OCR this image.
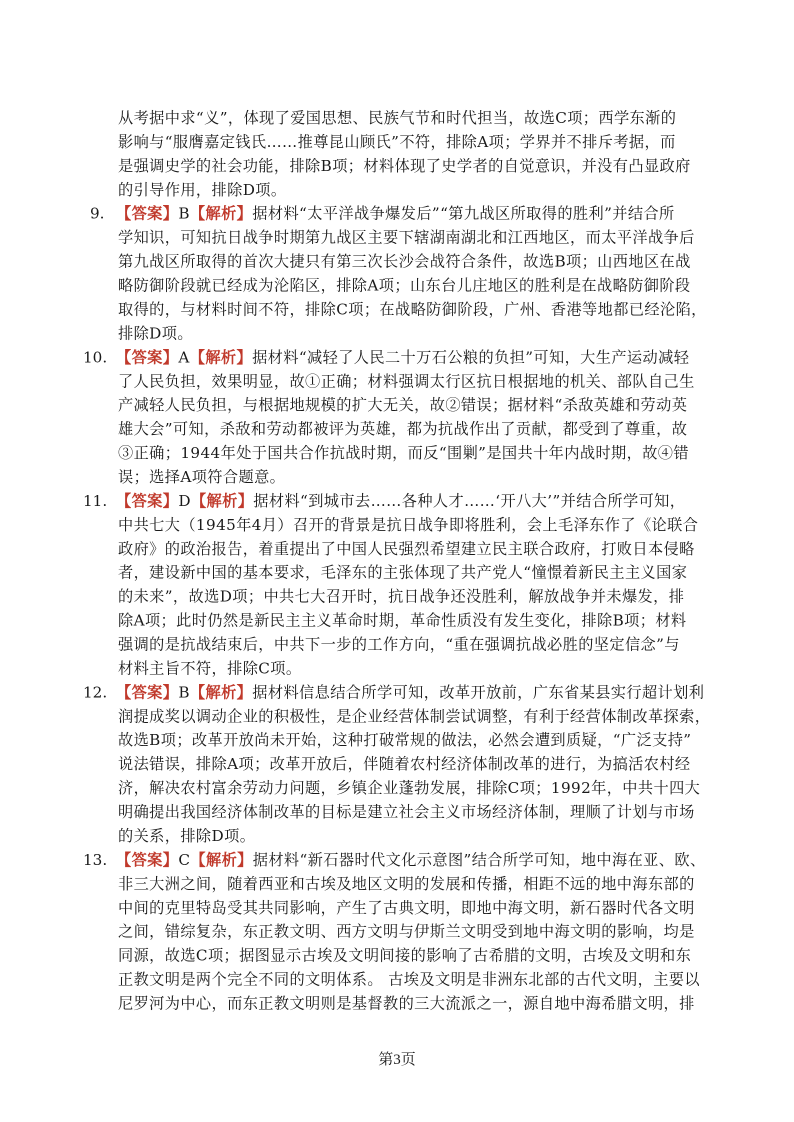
从考据中求“义”，体现了爱国思想、民族气节和时代担当，故选C项；西学东渐的
影响与“服膺嘉定钱氏……推尊昆山顾氏”不符，排除A项；学界并不排斥考据，而
是强调史学的社会功能，排除B项；材料体现了史学者的自觉意识，并没有凸显政府
的引导作用，排除D项。
9. 【答案】B【解析】据材料“太平洋战争爆发后”“第九战区所取得的胜利”并结合所
学知识，可知抗日战争时期第九战区主要下辖湖南湖北和江西地区，而太平洋战争后
第九战区所取得的首次大捷只有第三次长沙会战符合条件，故选B项；山西地区在战
略防御阶段就已经成为沦陷区，排除A项；山东台儿庄地区的胜利是在战略防御阶段
取得的，与材料时间不符，排除C项；在战略防御阶段，广州、香港等地都已经沦陷，
排除D项。
10. 【答案】A【解析】据材料“减轻了人民二十万石公粮的负担”可知，大生产运动减轻
了人民负担，效果明显，故①正确；材料强调太行区抗日根据地的机关、部队自己生
产减轻人民负担，与根据地规模的扩大无关，故②错误；据材料“杀敌英雄和劳动英
雄大会”可知，杀敌和劳动都被评为英雄，都为抗战作出了贡献，都受到了尊重，故
③正确；1944年处于国共合作抗战时期，而反“围剿”是国共十年内战时期，故④错
误；选择A项符合题意。
11. 【答案】D【解析】据材料“到城市去……各种人才……‘开八大’”并结合所学可知，
中共七大（1945年4月）召开的背景是抗日战争即将胜利，会上毛泽东作了《论联合
政府》的政治报告，着重提出了中国人民强烈希望建立民主联合政府，打败日本侵略
者，建设新中国的基本要求，毛泽东的主张体现了共产党人“憧憬着新民主主义国家
的未来”，故选D项；中共七大召开时，抗日战争还没胜利，解放战争并未爆发，排
除A项；此时仍然是新民主主义革命时期，革命性质没有发生变化，排除B项；材料
强调的是抗战结束后，中共下一步的工作方向，“重在强调抗战必胜的坚定信念”与
材料主旨不符，排除C项。
12. 【答案】B【解析】据材料信息结合所学可知，改革开放前，广东省某县实行超计划利
润提成奖以调动企业的积极性，是企业经营体制尝试调整，有利于经营体制改革探索，
故选B项；改革开放尚未开始，这种打破常规的做法，必然会遭到质疑，“广泛支持”
说法错误，排除A项；改革开放后，伴随着农村经济体制改革的进行，为搞活农村经
济，解决农村富余劳动力问题，乡镇企业蓬勃发展，排除C项；1992年，中共十四大
明确提出我国经济体制改革的目标是建立社会主义市场经济体制，理顺了计划与市场
的关系，排除D项。
13. 【答案】C【解析】据材料“新石器时代文化示意图”结合所学可知，地中海在亚、欧、
非三大洲之间，随着西亚和古埃及地区文明的发展和传播，相距不远的地中海东部的
中间的克里特岛受其共同影响，产生了古典文明，即地中海文明，新石器时代各文明
之间，错综复杂，东正教文明、西方文明与伊斯兰文明受到地中海文明的影响，均是
同源，故选C项；据图显示古埃及文明间接的影响了古希腊的文明，古埃及文明和东
正教文明是两个完全不同的文明体系。 古埃及文明是非洲东北部的古代文明，主要以
尼罗河为中心，而东正教文明则是基督教的三大流派之一，源自地中海希腊文明，排
第3页
